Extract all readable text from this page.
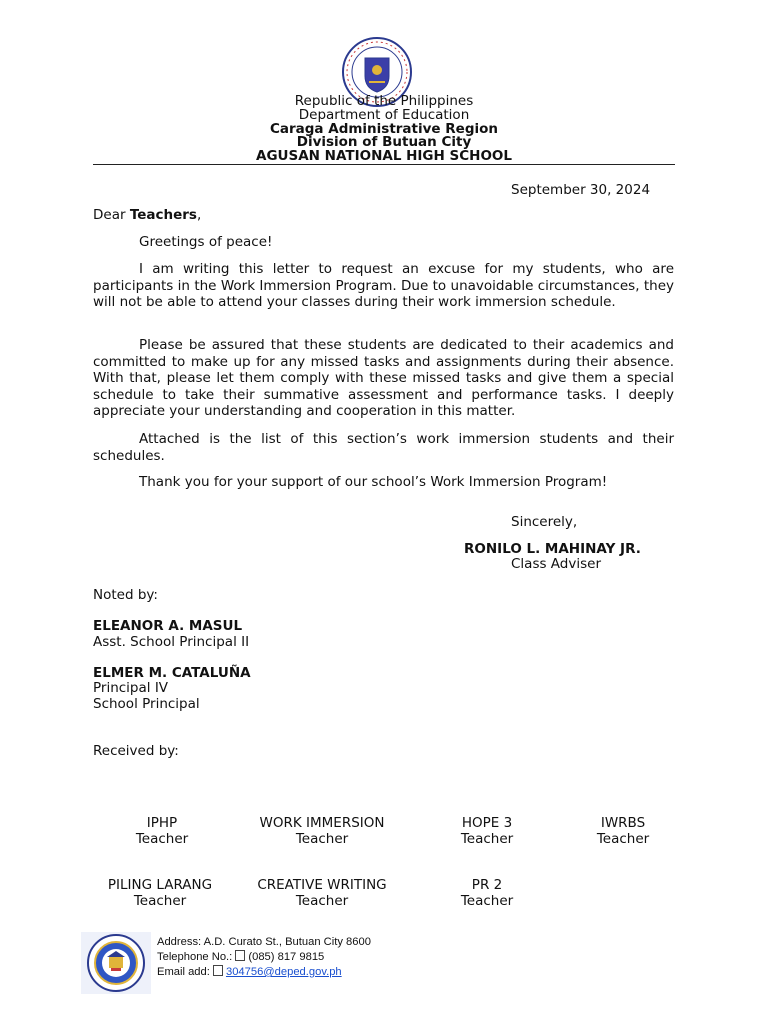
Republic of the Philippines
Department of Education
Caraga Administrative Region
Division of Butuan City
AGUSAN NATIONAL HIGH SCHOOL
September 30, 2024
Dear Teachers,
Greetings of peace!
I am writing this letter to request an excuse for my students, who are participants in the Work Immersion Program. Due to unavoidable circumstances, they will not be able to attend your classes during their work immersion schedule.
Please be assured that these students are dedicated to their academics and committed to make up for any missed tasks and assignments during their absence. With that, please let them comply with these missed tasks and give them a special schedule to take their summative assessment and performance tasks. I deeply appreciate your understanding and cooperation in this matter.
Attached is the list of this section’s work immersion students and their schedules.
Thank you for your support of our school’s Work Immersion Program!
Sincerely,
RONILO L. MAHINAY JR.
Class Adviser
Noted by:
ELEANOR A. MASUL
Asst. School Principal II
ELMER M. CATALUÑA
Principal IV
School Principal
Received by:
IPHP
Teacher
WORK IMMERSION
Teacher
HOPE 3
Teacher
IWRBS
Teacher
PILING LARANG
Teacher
CREATIVE WRITING
Teacher
PR 2
Teacher
Address: A.D. Curato St., Butuan City 8600
Telephone No.: (085) 817 9815
Email add: 304756@deped.gov.ph
